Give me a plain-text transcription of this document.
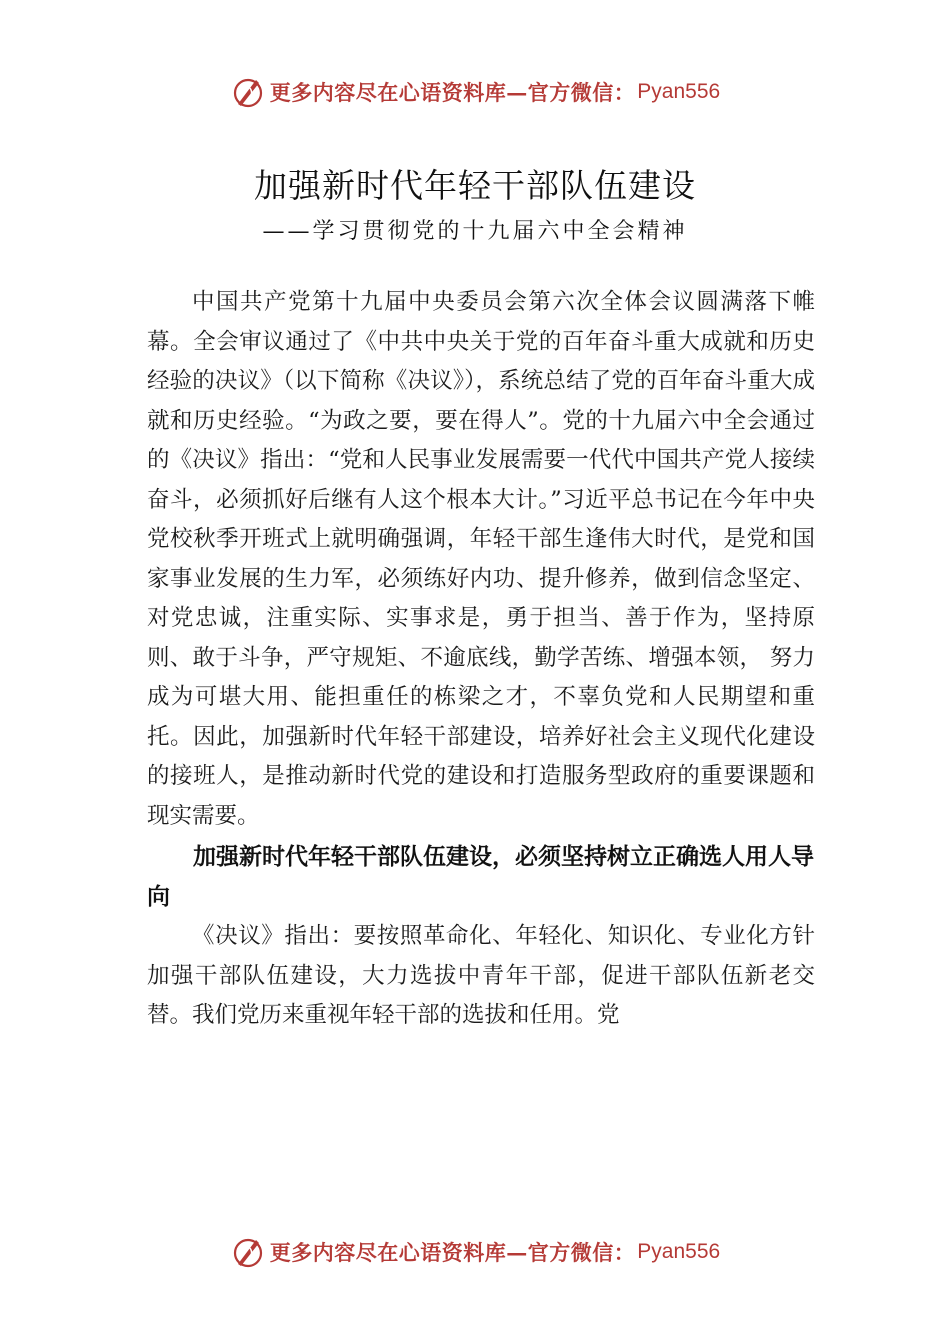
更多内容尽在心语资料库—官方微信： Pyan556
加强新时代年轻干部队伍建设
——学习贯彻党的十九届六中全会精神

中国共产党第十九届中央委员会第六次全体会议圆满落下帷幕。全会审议通过了《中共中央关于党的百年奋斗重大成就和历史经验的决议》（以下简称《决议》），系统总结了党的百年奋斗重大成就和历史经验。“为政之要，要在得人”。党的十九届六中全会通过的《决议》指出：“党和人民事业发展需要一代代中国共产党人接续奋斗，必须抓好后继有人这个根本大计。”习近平总书记在今年中央党校秋季开班式上就明确强调，年轻干部生逢伟大时代，是党和国家事业发展的生力军，必须练好内功、提升修养，做到信念坚定、对党忠诚，注重实际、实事求是，勇于担当、善于作为，坚持原则、敢于斗争，严守规矩、不逾底线，勤学苦练、增强本领， 努力成为可堪大用、能担重任的栋梁之才，不辜负党和人民期望和重托。因此，加强新时代年轻干部建设，培养好社会主义现代化建设的接班人，是推动新时代党的建设和打造服务型政府的重要课题和现实需要。

加强新时代年轻干部队伍建设，必须坚持树立正确选人用人导向

《决议》指出：要按照革命化、年轻化、知识化、专业化方针加强干部队伍建设，大力选拔中青年干部，促进干部队伍新老交替。我们党历来重视年轻干部的选拔和任用。党

更多内容尽在心语资料库—官方微信： Pyan556
